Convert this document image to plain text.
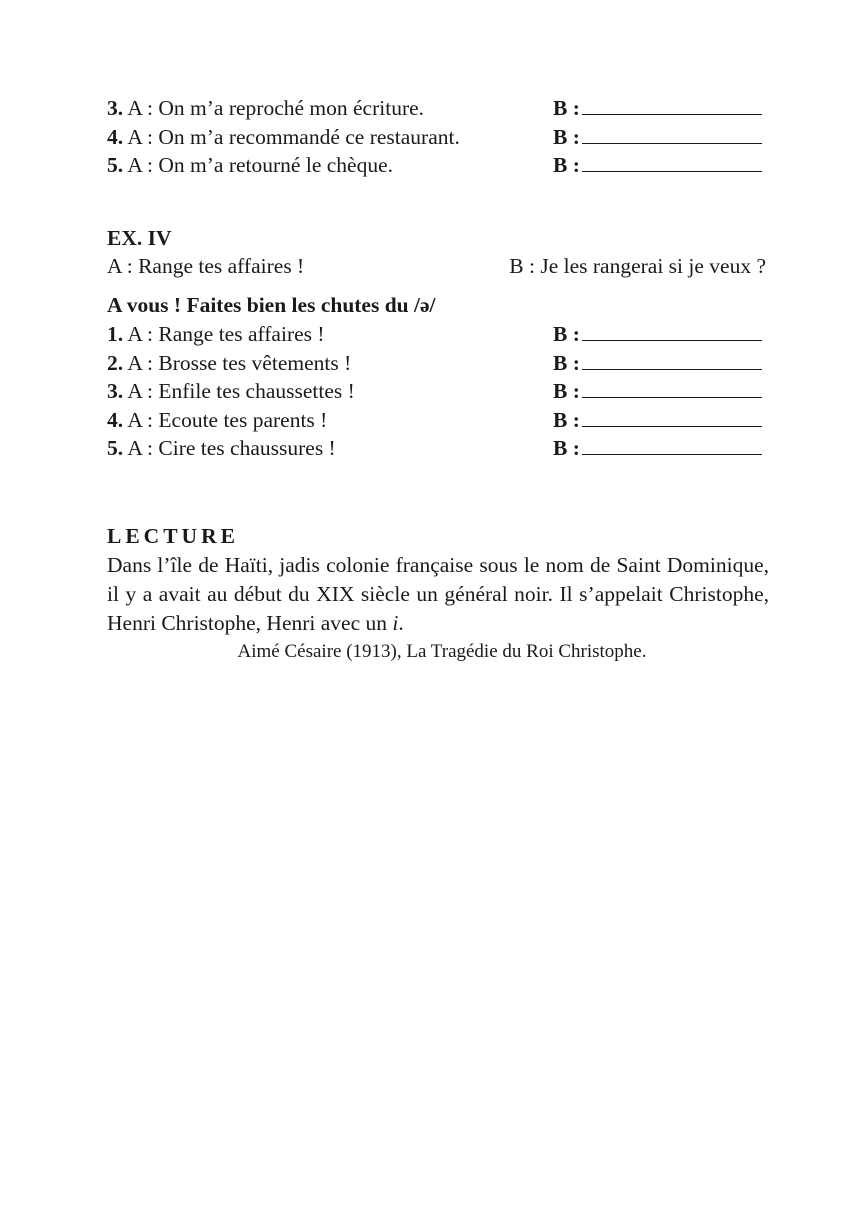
3. A : On m’a reproché mon écriture.	B :
4. A : On m’a recommandé ce restaurant.	B :
5. A : On m’a retourné le chèque.	B :
EX. IV
A : Range tes affaires !	B : Je les rangerai si je veux ?
A vous ! Faites bien les chutes du /ə/
1. A : Range tes affaires !	B :
2. A : Brosse tes vêtements !	B :
3. A : Enfile tes chaussettes !	B :
4. A : Ecoute tes parents !	B :
5. A : Cire tes chaussures !	B :
LECTURE
Dans l’île de Haïti, jadis colonie française sous le nom de Saint Dominique, il y a avait au début du XIX siècle un général noir. Il s’appelait Christophe, Henri Christophe, Henri avec un i.
Aimé Césaire (1913), La Tragédie du Roi Christophe.
